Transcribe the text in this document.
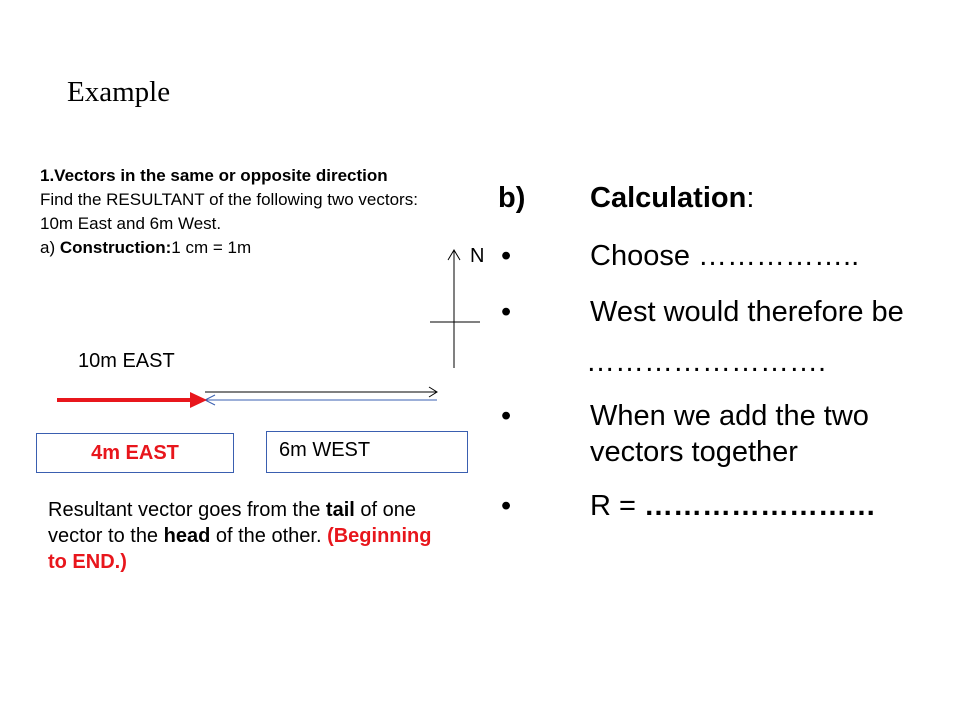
Example
1.Vectors in the same or opposite direction
Find the RESULTANT of the following two vectors: 10m East and 6m West.
a) Construction:1 cm = 1m	N
10m EAST
4m EAST	6m WEST
Resultant vector goes from the tail of one vector to the head of the other. (Beginning to END.)
b)	Calculation:
•	Choose ……………..
•	West would therefore be
…………………….
•	When we add the two vectors together
•	R = ……………………
